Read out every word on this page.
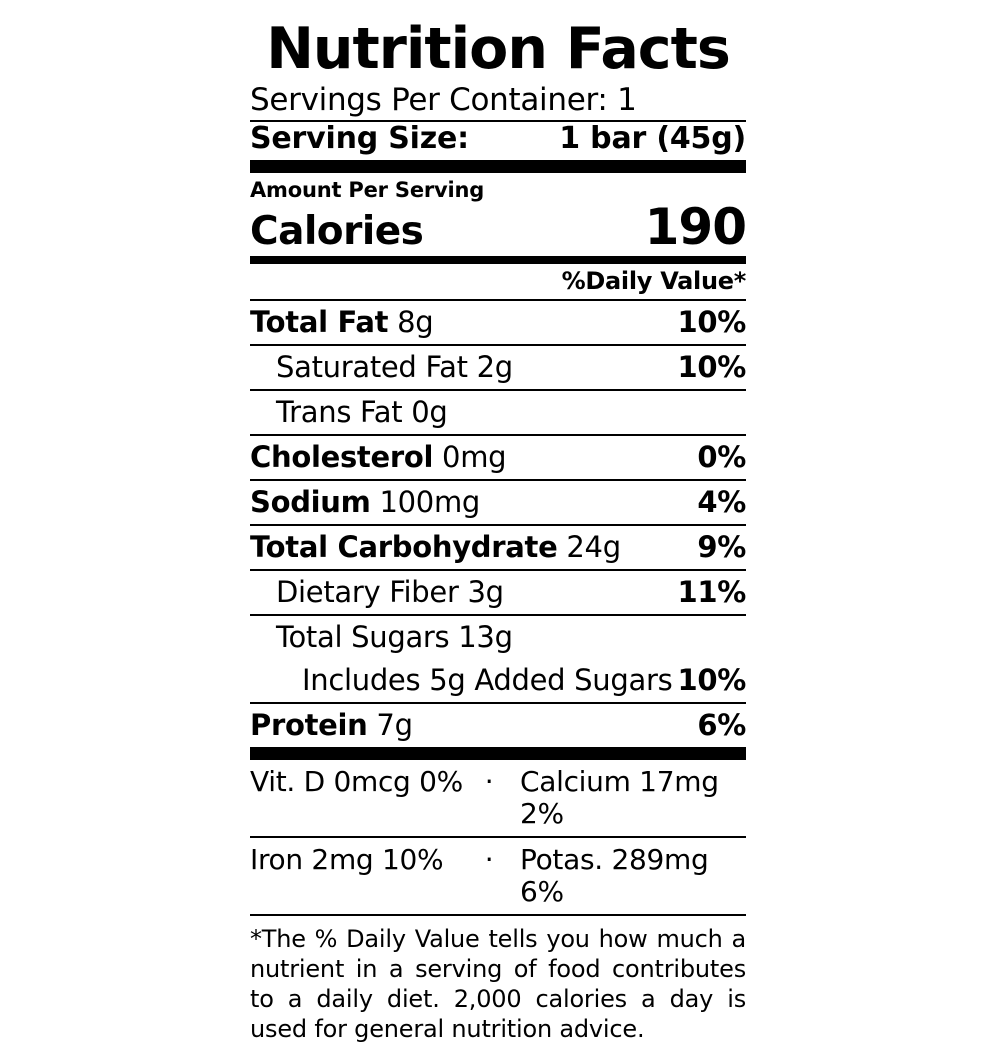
Nutrition Facts
Servings Per Container: 1
Serving Size:	1 bar (45g)
Amount Per Serving
Calories	190
%Daily Value*
Total Fat 8g	10%
Saturated Fat 2g	10%
Trans Fat 0g
Cholesterol 0mg	0%
Sodium 100mg	4%
Total Carbohydrate 24g	9%
Dietary Fiber 3g	11%
Total Sugars 13g
Includes 5g Added Sugars 10%
Protein 7g	6%
Vit. D 0mcg 0% · Calcium 17mg 2%
Iron 2mg 10%	· Potas. 289mg 6%
*The % Daily Value tells you how much a nutrient in a serving of food contributes to a daily diet. 2,000 calories a day is used for general nutrition advice.
